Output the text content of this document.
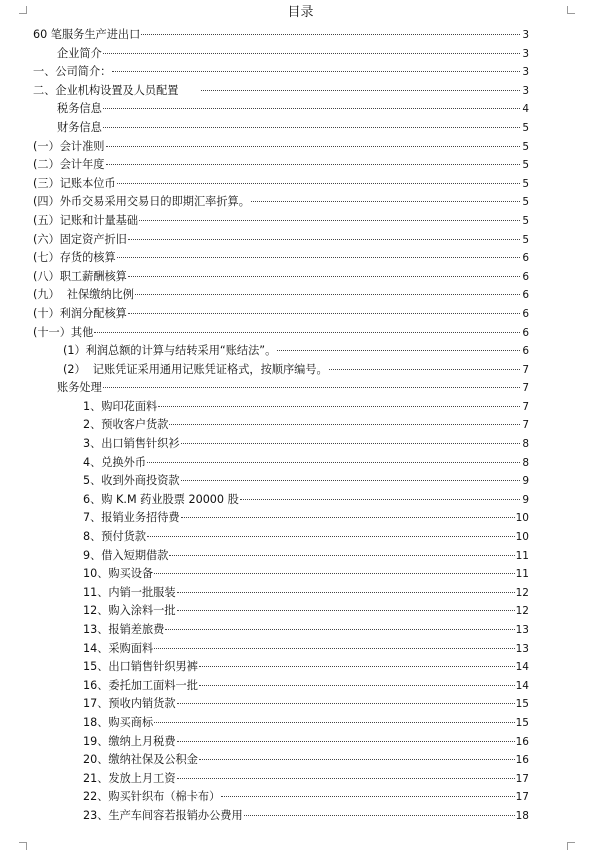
目录
60 笔服务生产进出口	3
企业简介	3
一、公司简介：	3
二、企业机构设置及人员配置	3
税务信息	4
财务信息	5
(一）会计准则	5
(二）会计年度	5
(三）记账本位币	5
(四）外币交易采用交易日的即期汇率折算。	5
(五）记账和计量基础	5
(六）固定资产折旧	5
(七）存货的核算	6
(八）职工薪酬核算	6
(九）  社保缴纳比例	6
(十）利润分配核算	6
(十一）其他	6
(1）利润总额的计算与结转采用“账结法”。	6
(2）  记账凭证采用通用记账凭证格式，按顺序编号。	7
账务处理	7
1、购印花面料	7
2、预收客户货款	7
3、出口销售针织衫	8
4、兑换外币	8
5、收到外商投资款	9
6、购 K.M 药业股票 20000 股	9
7、报销业务招待费	10
8、预付货款	10
9、借入短期借款	11
10、购买设备	11
11、内销一批服装	12
12、购入涂料一批	12
13、报销差旅费	13
14、采购面料	13
15、出口销售针织男裤	14
16、委托加工面料一批	14
17、预收内销货款	15
18、购买商标	15
19、缴纳上月税费	16
20、缴纳社保及公积金	16
21、发放上月工资	17
22、购买针织布（棉卡布）	17
23、生产车间容若报销办公费用	18
